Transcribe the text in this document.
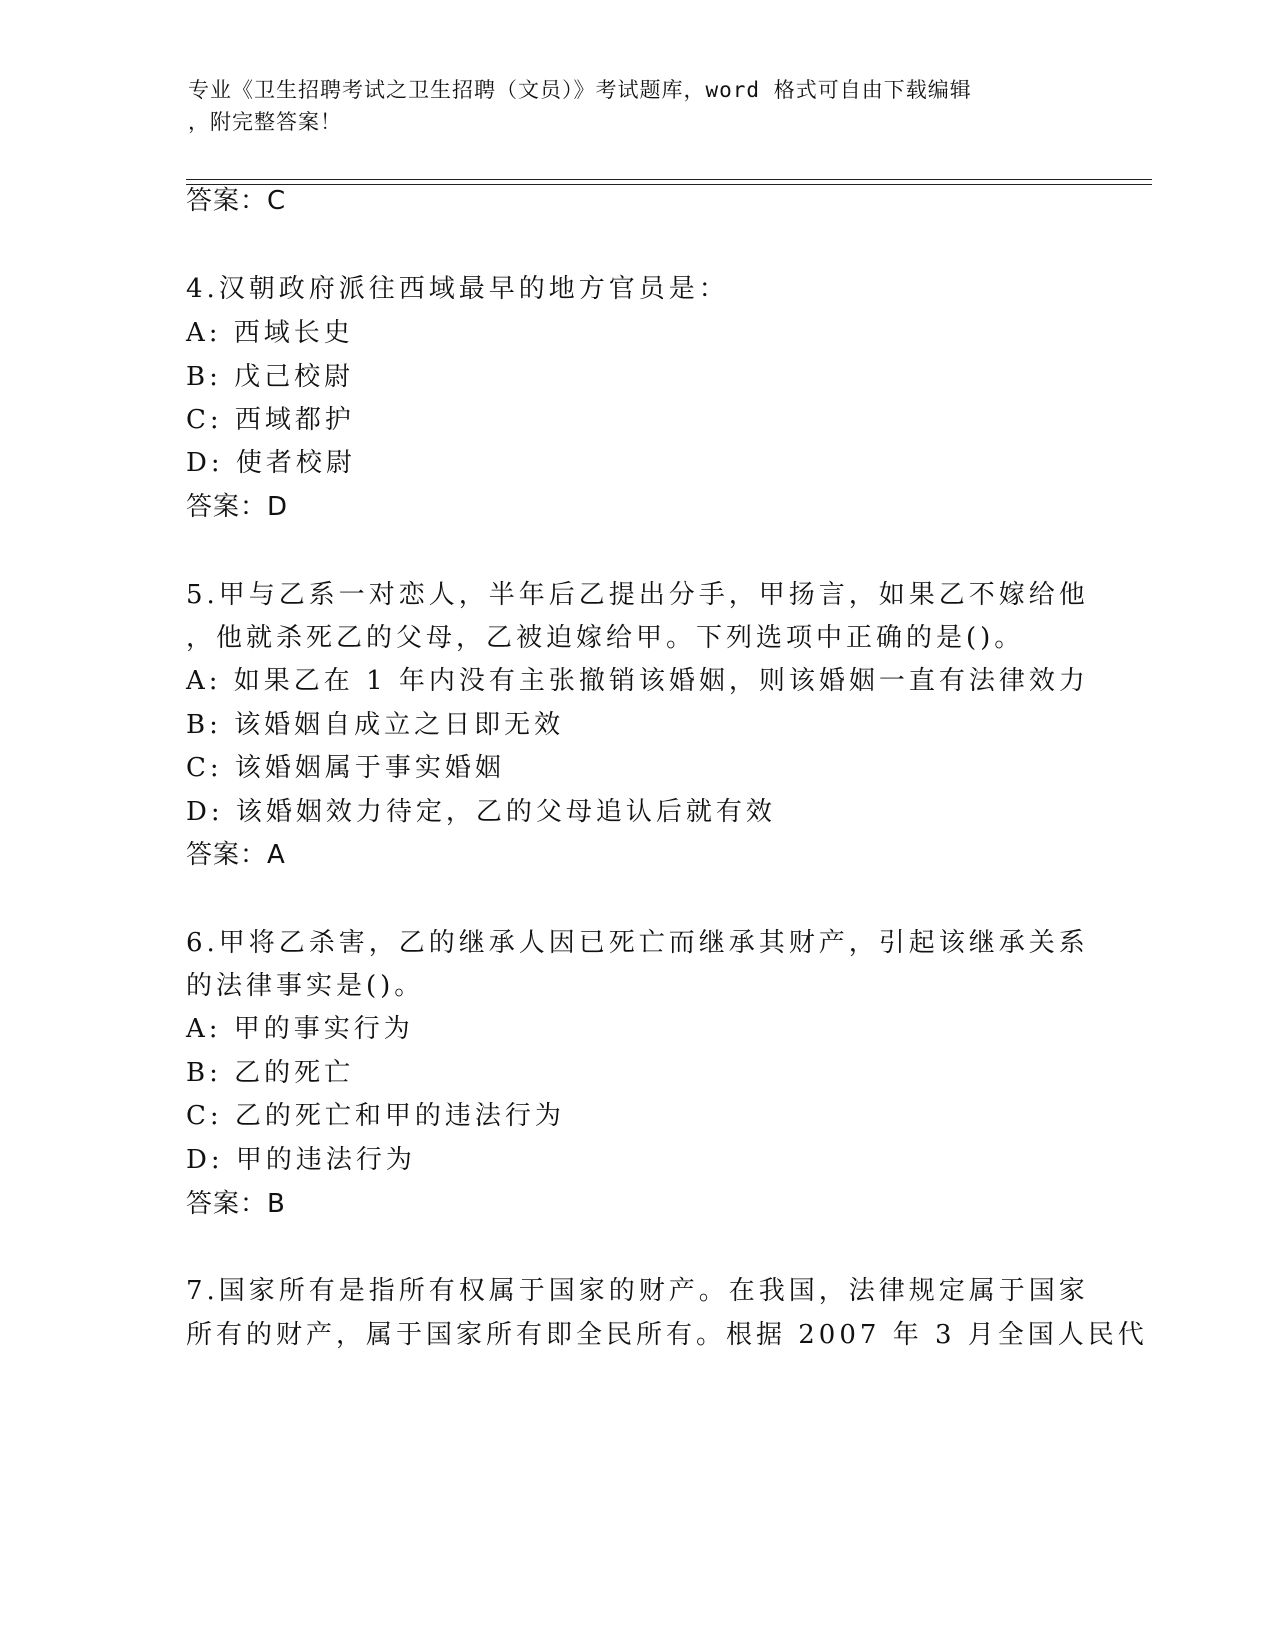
专业《卫生招聘考试之卫生招聘（文员）》考试题库，word 格式可自由下载编辑
，附完整答案！
答案：C
4.汉朝政府派往西域最早的地方官员是：
A: 西域长史
B: 戊己校尉
C: 西域都护
D: 使者校尉
答案：D
5.甲与乙系一对恋人，半年后乙提出分手，甲扬言，如果乙不嫁给他
，他就杀死乙的父母，乙被迫嫁给甲。下列选项中正确的是()。
A: 如果乙在 1 年内没有主张撤销该婚姻，则该婚姻一直有法律效力
B: 该婚姻自成立之日即无效
C: 该婚姻属于事实婚姻
D: 该婚姻效力待定，乙的父母追认后就有效
答案：A
6.甲将乙杀害，乙的继承人因已死亡而继承其财产，引起该继承关系
的法律事实是()。
A: 甲的事实行为
B: 乙的死亡
C: 乙的死亡和甲的违法行为
D: 甲的违法行为
答案：B
7.国家所有是指所有权属于国家的财产。在我国，法律规定属于国家
所有的财产，属于国家所有即全民所有。根据 2007 年 3 月全国人民代
